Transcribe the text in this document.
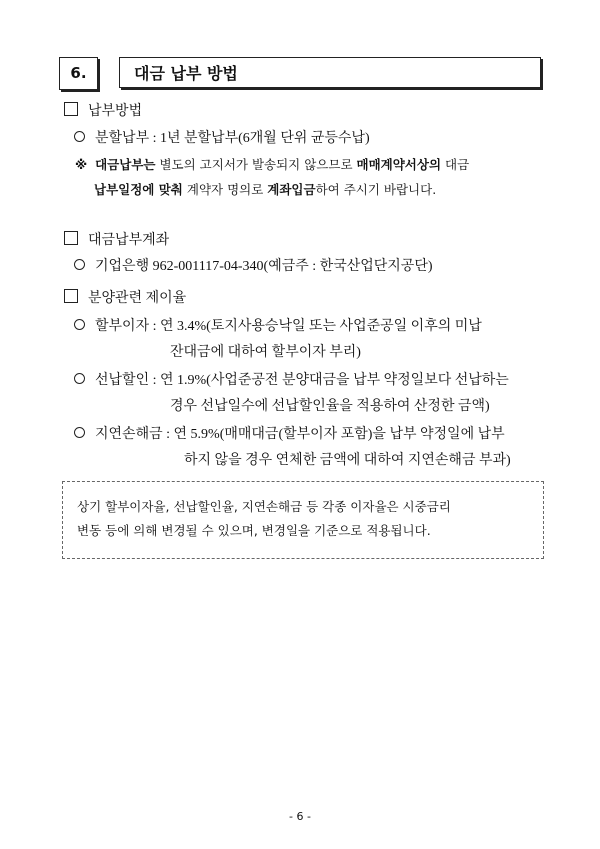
6.	대금 납부 방법
납부방법
분할납부 : 1년 분할납부(6개월 단위 균등수납)
※ 대금납부는 별도의 고지서가 발송되지 않으므로 매매계약서상의 대금
납부일정에 맞춰 계약자 명의로 계좌입금하여 주시기 바랍니다.
대금납부계좌
기업은행 962-001117-04-340(예금주 : 한국산업단지공단)
분양관련 제이율
할부이자 : 연 3.4%(토지사용승낙일 또는 사업준공일 이후의 미납
잔대금에 대하여 할부이자 부리)
선납할인 : 연 1.9%(사업준공전 분양대금을 납부 약정일보다 선납하는
경우 선납일수에 선납할인율을 적용하여 산정한 금액)
지연손해금 : 연 5.9%(매매대금(할부이자 포함)을 납부 약정일에 납부
하지 않을 경우 연체한 금액에 대하여 지연손해금 부과)
상기 할부이자율, 선납할인율, 지연손해금 등 각종 이자율은 시중금리
변동 등에 의해 변경될 수 있으며, 변경일을 기준으로 적용됩니다.
- 6 -
